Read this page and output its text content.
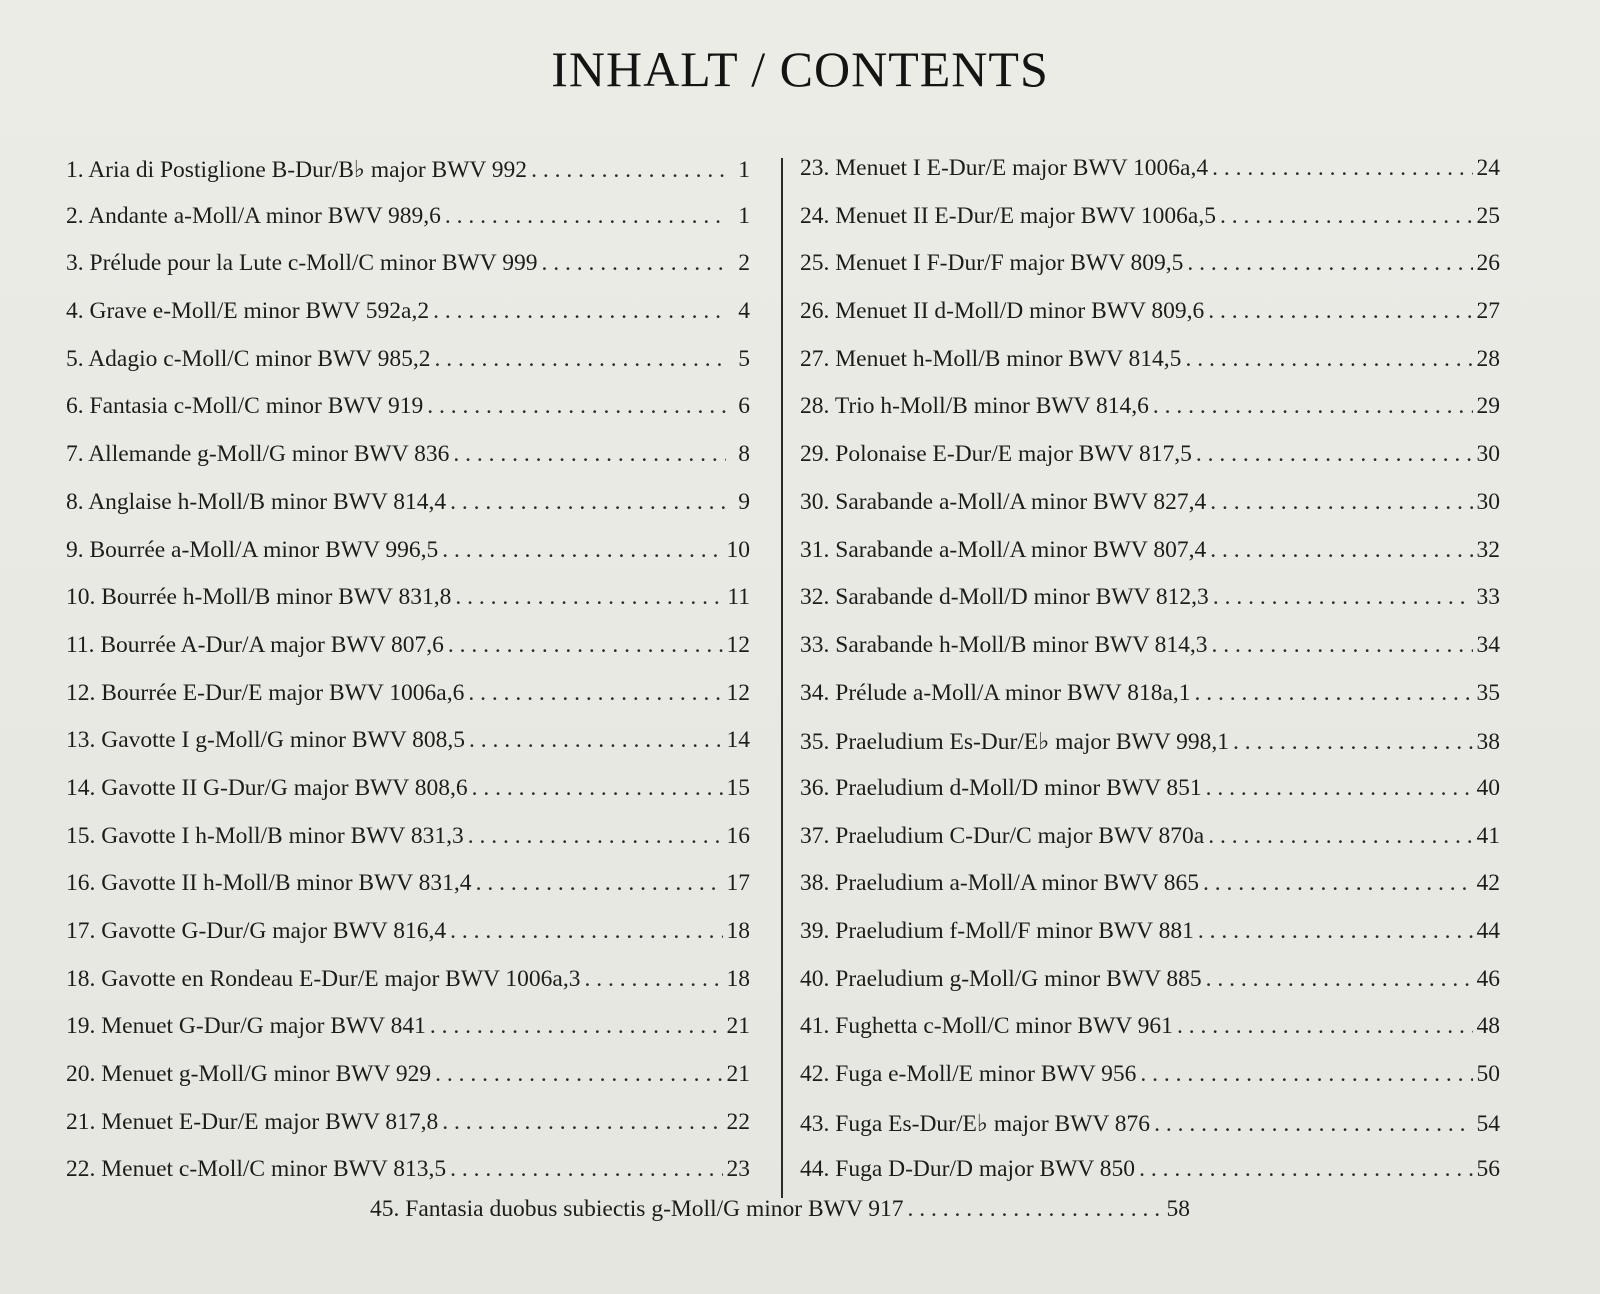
INHALT / CONTENTS
1. Aria di Postiglione B-Dur/B♭ major BWV 992 . . .	1
2. Andante a-Moll/A minor BWV 989,6 . . .	1
3. Prélude pour la Lute c-Moll/C minor BWV 999 . . .	2
4. Grave e-Moll/E minor BWV 592a,2 . . .	4
5. Adagio c-Moll/C minor BWV 985,2 . . .	5
6. Fantasia c-Moll/C minor BWV 919 . . .	6
7. Allemande g-Moll/G minor BWV 836 . . .	8
8. Anglaise h-Moll/B minor BWV 814,4 . . .	9
9. Bourrée a-Moll/A minor BWV 996,5 . . .	10
10. Bourrée h-Moll/B minor BWV 831,8 . . .	11
11. Bourrée A-Dur/A major BWV 807,6 . . .	12
12. Bourrée E-Dur/E major BWV 1006a,6 . . .	12
13. Gavotte I g-Moll/G minor BWV 808,5 . . .	14
14. Gavotte II G-Dur/G major BWV 808,6 . . .	15
15. Gavotte I h-Moll/B minor BWV 831,3 . . .	16
16. Gavotte II h-Moll/B minor BWV 831,4 . . .	17
17. Gavotte G-Dur/G major BWV 816,4 . . .	18
18. Gavotte en Rondeau E-Dur/E major BWV 1006a,3 . . .	18
19. Menuet G-Dur/G major BWV 841 . . .	21
20. Menuet g-Moll/G minor BWV 929 . . .	21
21. Menuet E-Dur/E major BWV 817,8 . . .	22
22. Menuet c-Moll/C minor BWV 813,5 . . .	23
23. Menuet I E-Dur/E major BWV 1006a,4 . . .	24
24. Menuet II E-Dur/E major BWV 1006a,5 . . .	25
25. Menuet I F-Dur/F major BWV 809,5 . . .	26
26. Menuet II d-Moll/D minor BWV 809,6 . . .	27
27. Menuet h-Moll/B minor BWV 814,5 . . .	28
28. Trio h-Moll/B minor BWV 814,6 . . .	29
29. Polonaise E-Dur/E major BWV 817,5 . . .	30
30. Sarabande a-Moll/A minor BWV 827,4 . . .	30
31. Sarabande a-Moll/A minor BWV 807,4 . . .	32
32. Sarabande d-Moll/D minor BWV 812,3 . . .	33
33. Sarabande h-Moll/B minor BWV 814,3 . . .	34
34. Prélude a-Moll/A minor BWV 818a,1 . . .	35
35. Praeludium Es-Dur/E♭ major BWV 998,1 . . .	38
36. Praeludium d-Moll/D minor BWV 851 . . .	40
37. Praeludium C-Dur/C major BWV 870a . . .	41
38. Praeludium a-Moll/A minor BWV 865 . . .	42
39. Praeludium f-Moll/F minor BWV 881 . . .	44
40. Praeludium g-Moll/G minor BWV 885 . . .	46
41. Fughetta c-Moll/C minor BWV 961 . . .	48
42. Fuga e-Moll/E minor BWV 956 . . .	50
43. Fuga Es-Dur/E♭ major BWV 876 . . .	54
44. Fuga D-Dur/D major BWV 850 . . .	56
45. Fantasia duobus subiectis g-Moll/G minor BWV 917 . . .	58
